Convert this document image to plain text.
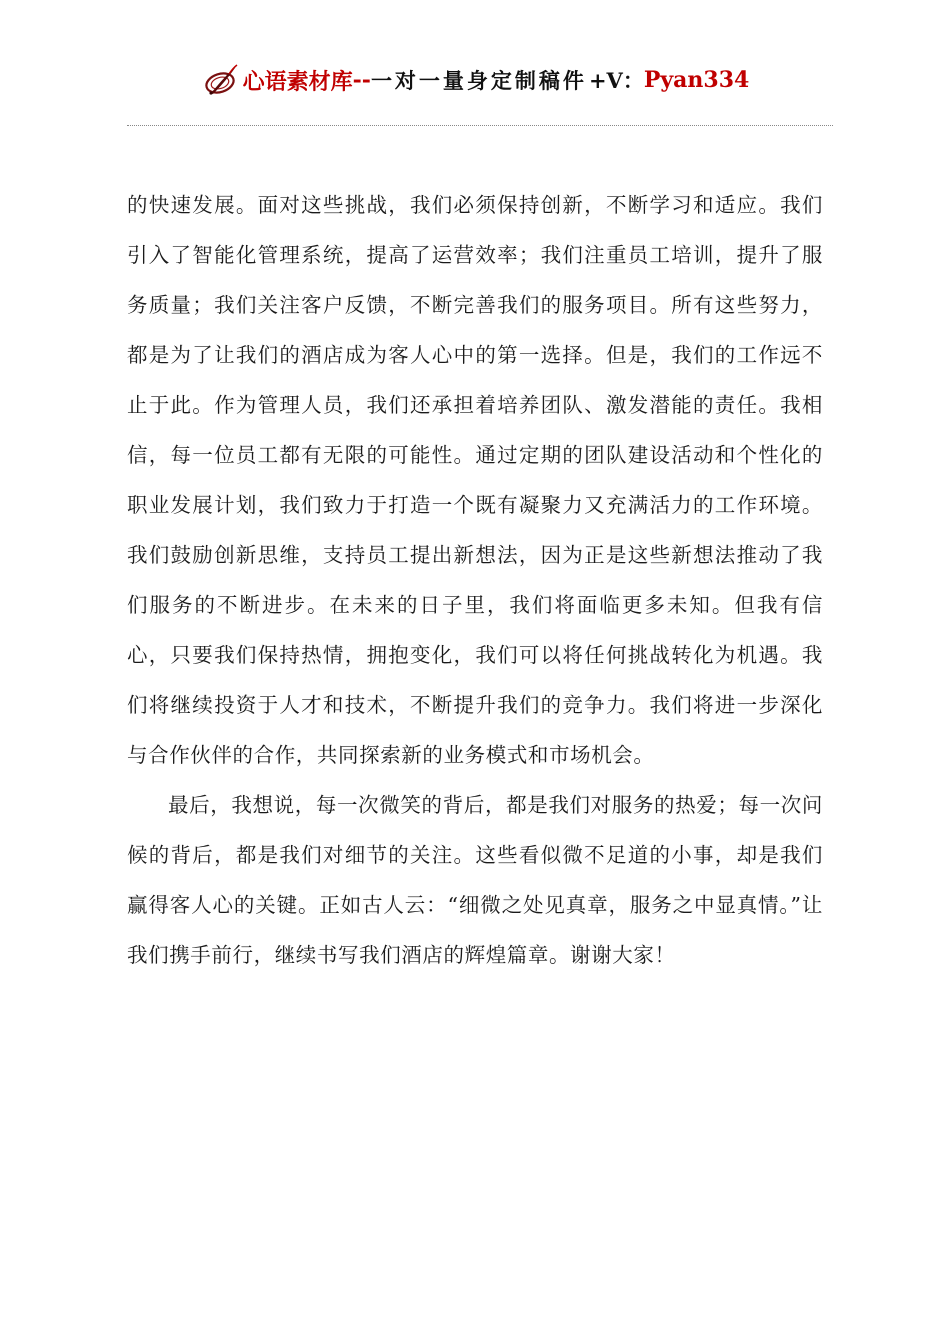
心语素材库 -- 一对一量身定制稿件 +V： Pyan334

的快速发展。面对这些挑战，我们必须保持创新，不断学习和适应。我们引入了智能化管理系统，提高了运营效率；我们注重员工培训，提升了服务质量；我们关注客户反馈，不断完善我们的服务项目。所有这些努力，都是为了让我们的酒店成为客人心中的第一选择。但是，我们的工作远不止于此。作为管理人员，我们还承担着培养团队、激发潜能的责任。我相信，每一位员工都有无限的可能性。通过定期的团队建设活动和个性化的职业发展计划，我们致力于打造一个既有凝聚力又充满活力的工作环境。我们鼓励创新思维，支持员工提出新想法，因为正是这些新想法推动了我们服务的不断进步。在未来的日子里，我们将面临更多未知。但我有信心，只要我们保持热情，拥抱变化，我们可以将任何挑战转化为机遇。我们将继续投资于人才和技术，不断提升我们的竞争力。我们将进一步深化与合作伙伴的合作，共同探索新的业务模式和市场机会。

最后，我想说，每一次微笑的背后，都是我们对服务的热爱；每一次问候的背后，都是我们对细节的关注。这些看似微不足道的小事，却是我们赢得客人心的关键。正如古人云：“细微之处见真章，服务之中显真情。”让我们携手前行，继续书写我们酒店的辉煌篇章。谢谢大家！
